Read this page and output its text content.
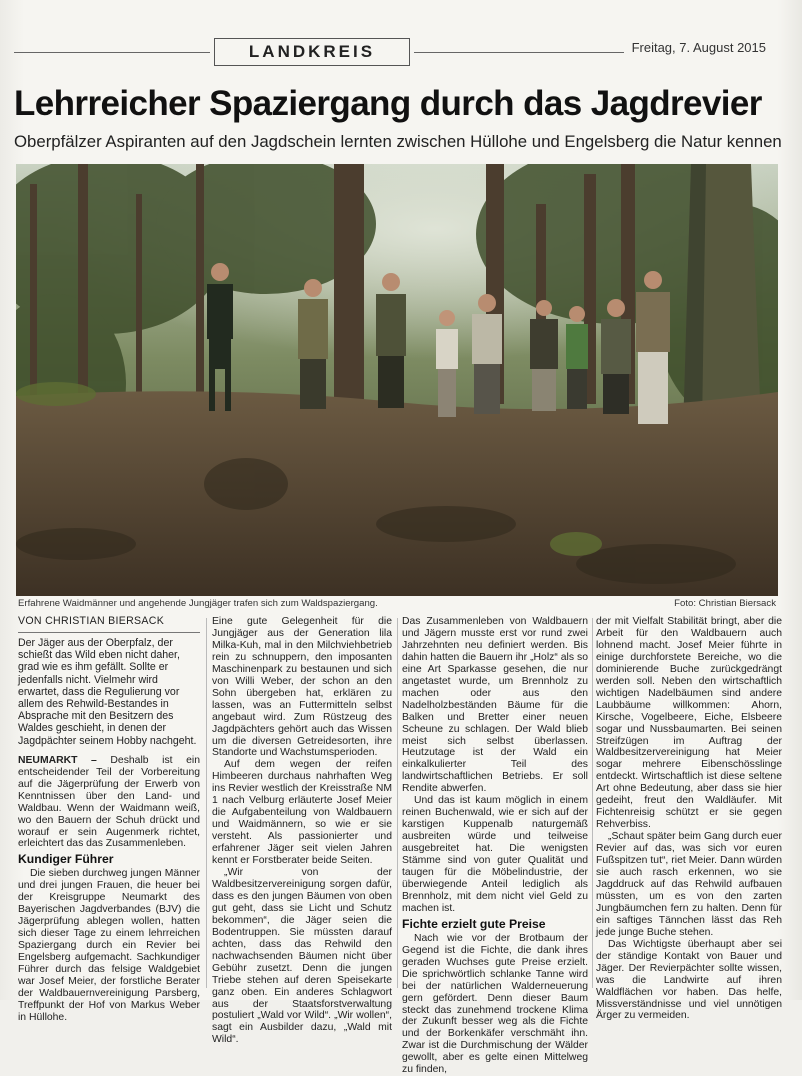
LANDKREIS	Freitag, 7. August 2015
Lehrreicher Spaziergang durch das Jagdrevier
Oberpfälzer Aspiranten auf den Jagdschein lernten zwischen Hüllohe und Engelsberg die Natur kennen
Erfahrene Waidmänner und angehende Jungjäger trafen sich zum Waldspaziergang.	Foto: Christian Biersack
VON CHRISTIAN BIERSACK
Der Jäger aus der Oberpfalz, der schießt das Wild eben nicht daher, grad wie es ihm gefällt. Sollte er jedenfalls nicht. Vielmehr wird erwartet, dass die Regulierung vor allem des Rehwild-Bestandes in Absprache mit den Besitzern des Waldes geschieht, in denen der Jagdpächter seinem Hobby nachgeht.

NEUMARKT – Deshalb ist ein entscheidender Teil der Vorbereitung auf die Jägerprüfung der Erwerb von Kenntnissen über den Land- und Waldbau. Wenn der Waidmann weiß, wo den Bauern der Schuh drückt und worauf er sein Augenmerk richtet, erleichtert das das Zusammenleben.

Kundiger Führer

Die sieben durchweg jungen Männer und drei jungen Frauen, die heuer bei der Kreisgruppe Neumarkt des Bayerischen Jagdverbandes (BJV) die Jägerprüfung ablegen wollen, hatten sich dieser Tage zu einem lehrreichen Spaziergang durch ein Revier bei Engelsberg aufgemacht. Sachkundiger Führer durch das felsige Waldgebiet war Josef Meier, der forstliche Berater der Waldbauernvereinigung Parsberg, Treffpunkt der Hof von Markus Weber in Hüllohe.

Eine gute Gelegenheit für die Jungjäger aus der Generation lila Milka-Kuh, mal in den Milchviehbetrieb rein zu schnuppern, den imposanten Maschinenpark zu bestaunen und sich von Willi Weber, der schon an den Sohn übergeben hat, erklären zu lassen, was an Futtermitteln selbst angebaut wird. Zum Rüstzeug des Jagdpächters gehört auch das Wissen um die diversen Getreidesorten, ihre Standorte und Wachstumsperioden.

Auf dem wegen der reifen Himbeeren durchaus nahrhaften Weg ins Revier westlich der Kreisstraße NM 1 nach Velburg erläuterte Josef Meier die Aufgabenteilung von Waldbauern und Waidmännern, so wie er sie versteht. Als passionierter und erfahrener Jäger seit vielen Jahren kennt er Forstberater beide Seiten.

„Wir von der Waldbesitzervereinigung sorgen dafür, dass es den jungen Bäumen von oben gut geht, dass sie Licht und Schutz bekommen“, die Jäger seien die Bodentruppen. Sie müssten darauf achten, dass das Rehwild den nachwachsenden Bäumen nicht über Gebühr zusetzt. Denn die jungen Triebe stehen auf deren Speisekarte ganz oben. Ein anderes Schlagwort aus der Staatsforstverwaltung postuliert „Wald vor Wild“. „Wir wollen“, sagt ein Ausbilder dazu, „Wald mit Wild“.

Das Zusammenleben von Waldbauern und Jägern musste erst vor rund zwei Jahrzehnten neu definiert werden. Bis dahin hatten die Bauern ihr „Holz“ als so eine Art Sparkasse gesehen, die nur angetastet wurde, um Brennholz zu machen oder aus den Nadelholzbeständen Bäume für die Balken und Bretter einer neuen Scheune zu schlagen. Der Wald blieb meist sich selbst überlassen. Heutzutage ist der Wald ein einkalkulierter Teil des landwirtschaftlichen Betriebs. Er soll Rendite abwerfen.

Und das ist kaum möglich in einem reinen Buchenwald, wie er sich auf der karstigen Kuppenalb naturgemäß ausbreiten würde und teilweise ausgebreitet hat. Die wenigsten Stämme sind von guter Qualität und taugen für die Möbelindustrie, der überwiegende Anteil lediglich als Brennholz, mit dem nicht viel Geld zu machen ist.

Fichte erzielt gute Preise

Nach wie vor der Brotbaum der Gegend ist die Fichte, die dank ihres geraden Wuchses gute Preise erzielt. Die sprichwörtlich schlanke Tanne wird bei der natürlichen Walderneuerung gern gefördert. Denn dieser Baum steckt das zunehmend trockene Klima der Zukunft besser weg als die Fichte und der Borkenkäfer verschmäht ihn. Zwar ist die Durchmischung der Wälder gewollt, aber es gelte einen Mittelweg zu finden,

der mit Vielfalt Stabilität bringt, aber die Arbeit für den Waldbauern auch lohnend macht. Josef Meier führte in einige durchforstete Bereiche, wo die dominierende Buche zurückgedrängt werden soll. Neben den wirtschaftlich wichtigen Nadelbäumen sind andere Laubbäume willkommen: Ahorn, Kirsche, Vogelbeere, Eiche, Elsbeere sogar und Nussbaumarten. Bei seinen Streifzügen im Auftrag der Waldbesitzervereinigung hat Meier sogar mehrere Eibenschösslinge entdeckt. Wirtschaftlich ist diese seltene Art ohne Bedeutung, aber dass sie hier gedeiht, freut den Waldläufer. Mit Fichtenreisig schützt er sie gegen Rehverbiss.

„Schaut später beim Gang durch euer Revier auf das, was sich vor euren Fußspitzen tut“, riet Meier. Dann würden sie auch rasch erkennen, wo sie Jagddruck auf das Rehwild aufbauen müssten, um es von den zarten Jungbäumchen fern zu halten. Denn für ein saftiges Tännchen lässt das Reh jede junge Buche stehen.

Das Wichtigste überhaupt aber sei der ständige Kontakt von Bauer und Jäger. Der Revierpächter sollte wissen, was die Landwirte auf ihren Waldflächen vor haben. Das helfe, Missverständnisse und viel unnötigen Ärger zu vermeiden.
